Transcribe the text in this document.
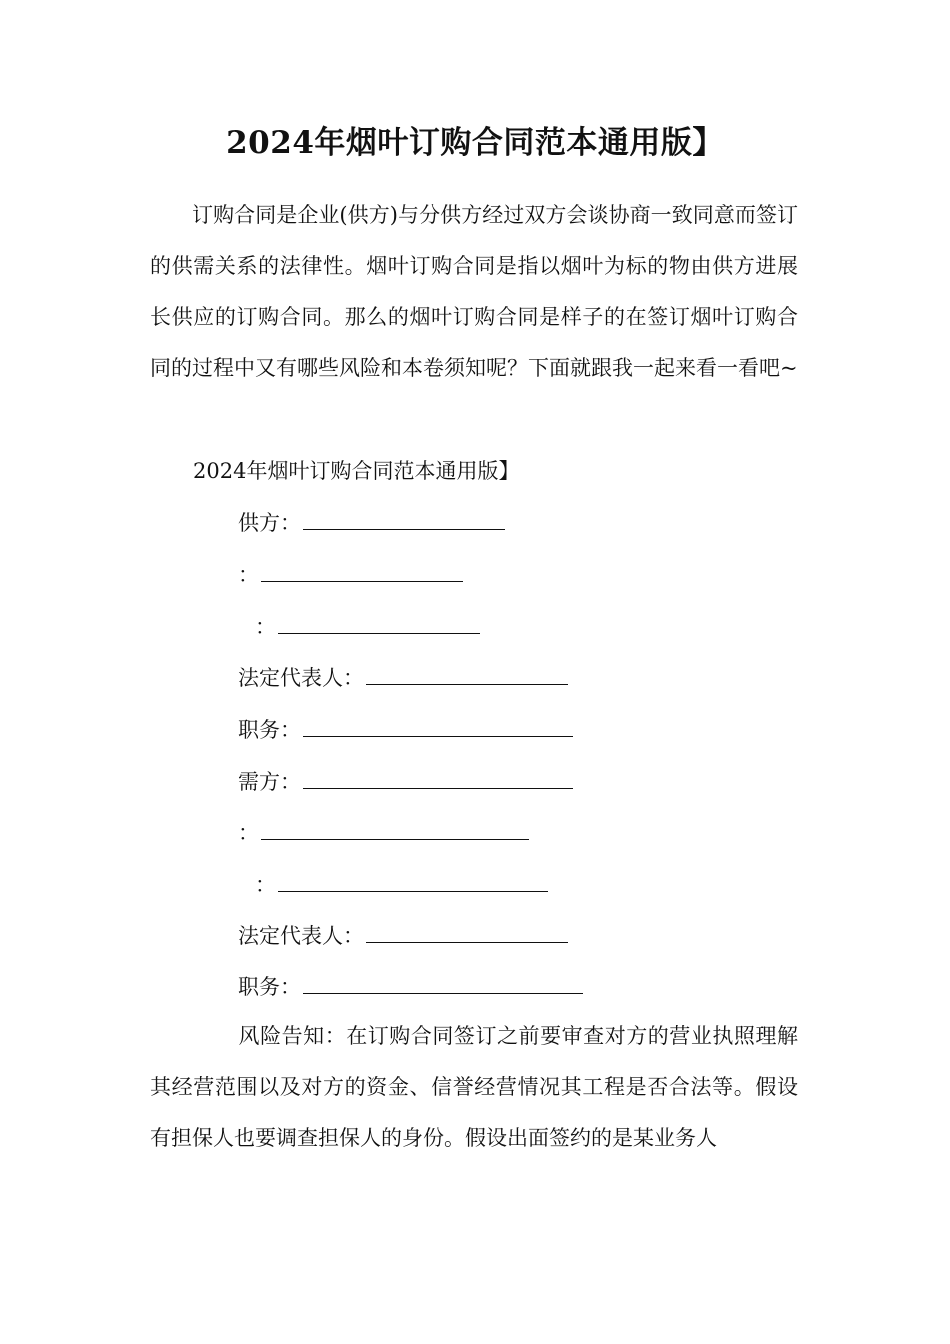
2024年烟叶订购合同范本通用版】

订购合同是企业(供方)与分供方经过双方会谈协商一致同意而签订的供需关系的法律性。烟叶订购合同是指以烟叶为标的物由供方进展长供应的订购合同。那么的烟叶订购合同是样子的在签订烟叶订购合同的过程中又有哪些风险和本卷须知呢？下面就跟我一起来看一看吧~

2024年烟叶订购合同范本通用版】
供方：
：
：
法定代表人：
职务：
需方：
：
：
法定代表人：
职务：

风险告知：在订购合同签订之前要审查对方的营业执照理解其经营范围以及对方的资金、信誉经营情况其工程是否合法等。假设有担保人也要调查担保人的身份。假设出面签约的是某业务人
